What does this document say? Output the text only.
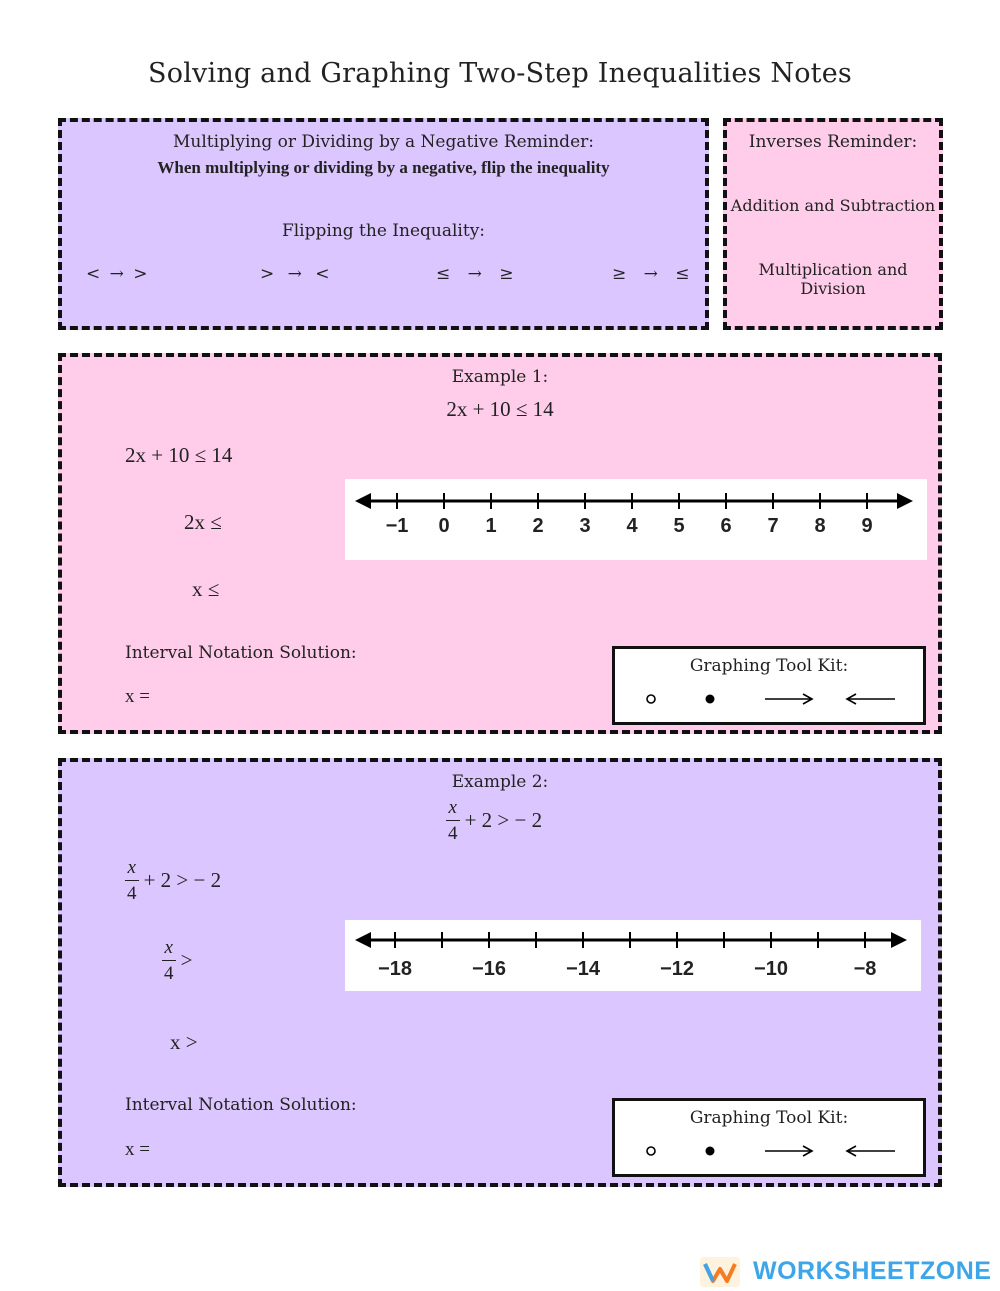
Solving and Graphing Two-Step Inequalities Notes
Multiplying or Dividing by a Negative Reminder:
When multiplying or dividing by a negative, flip the inequality
Flipping the Inequality:
< → >	> → <	≤ → ≥	≥ → ≤
Inverses Reminder:
Addition and Subtraction
Multiplication and Division
Example 1:
2x + 10 ≤ 14
2x + 10 ≤ 14
2x ≤
x ≤
Interval Notation Solution:
x =
−1	0	1	2	3	4	5	6	7	8	9
Graphing Tool Kit:
Example 2:
$\frac{x}{4} + 2$ > − 2
$\frac{x}{4} + 2$ > − 2
$\frac{x}{4}$ >
x >
Interval Notation Solution:
x =
−18	−16	−14	−12	−10	−8
Graphing Tool Kit:
WORKSHEETZONE
